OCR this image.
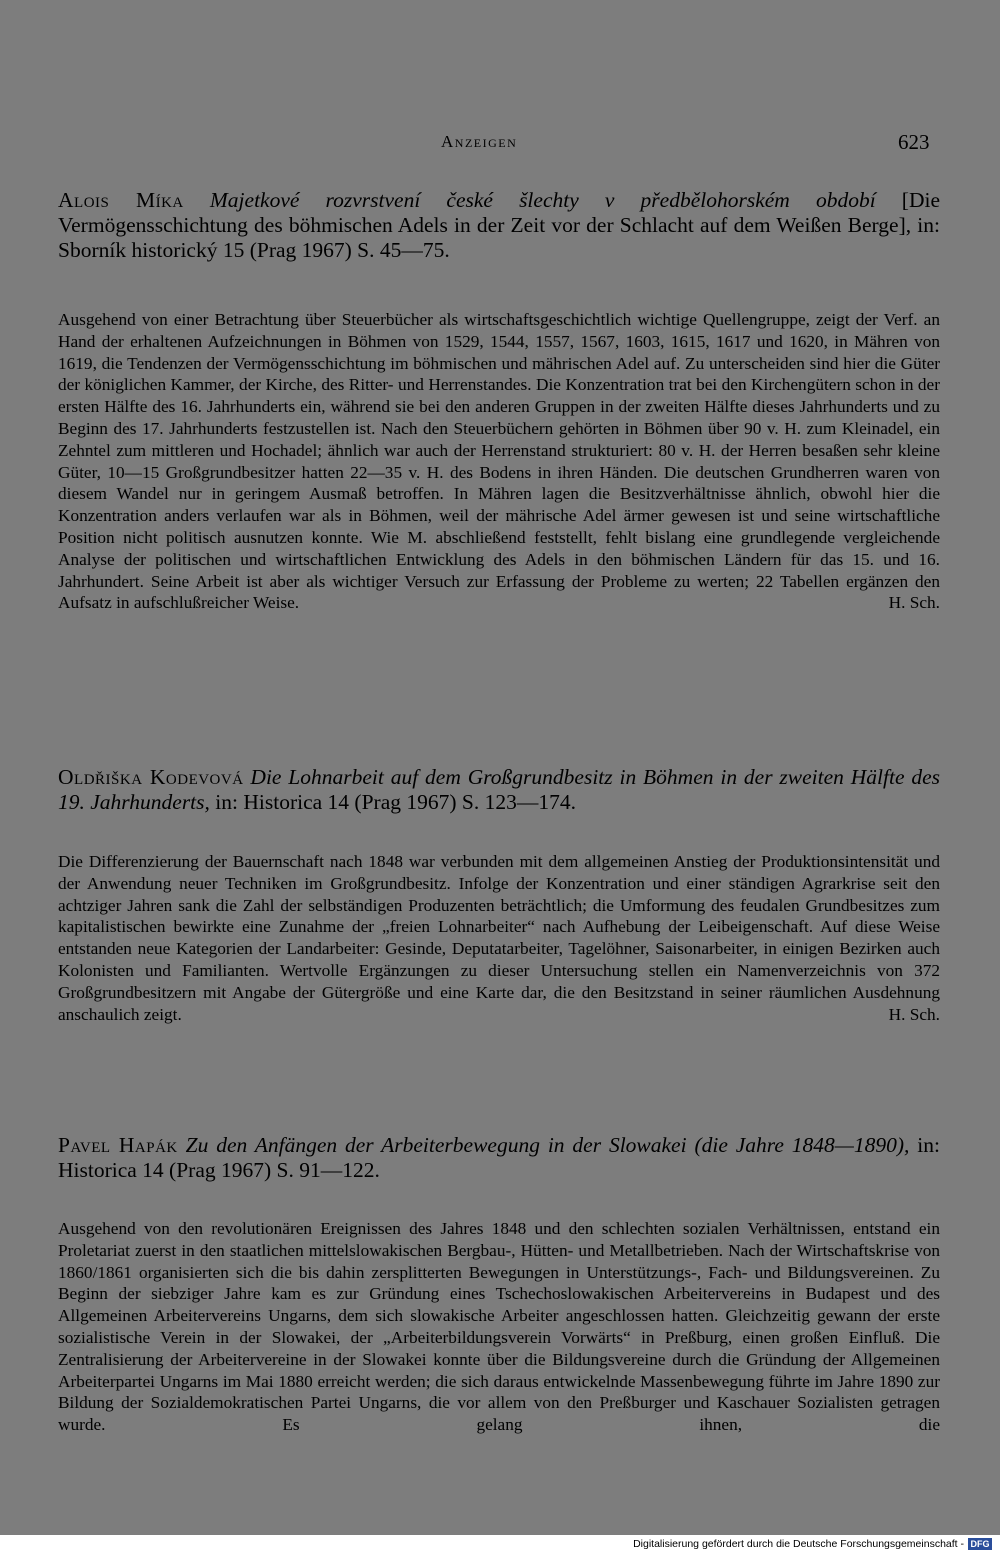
Anzeigen	623
Alois Míka Majetkové rozvrstvení české šlechty v předbělohorském období [Die Vermögensschichtung des böhmischen Adels in der Zeit vor der Schlacht auf dem Weißen Berge], in: Sborník historický 15 (Prag 1967) S. 45—75.

Ausgehend von einer Betrachtung über Steuerbücher als wirtschaftsgeschichtlich wichtige Quellengruppe, zeigt der Verf. an Hand der erhaltenen Aufzeichnungen in Böhmen von 1529, 1544, 1557, 1567, 1603, 1615, 1617 und 1620, in Mähren von 1619, die Tendenzen der Vermögensschichtung im böhmischen und mährischen Adel auf. Zu unterscheiden sind hier die Güter der königlichen Kammer, der Kirche, des Ritter- und Herrenstandes. Die Konzentration trat bei den Kirchengütern schon in der ersten Hälfte des 16. Jahrhunderts ein, während sie bei den anderen Gruppen in der zweiten Hälfte dieses Jahrhunderts und zu Beginn des 17. Jahrhunderts festzustellen ist. Nach den Steuerbüchern gehörten in Böhmen über 90 v. H. zum Kleinadel, ein Zehntel zum mittleren und Hochadel; ähnlich war auch der Herrenstand strukturiert: 80 v. H. der Herren besaßen sehr kleine Güter, 10—15 Großgrundbesitzer hatten 22—35 v. H. des Bodens in ihren Händen. Die deutschen Grundherren waren von diesem Wandel nur in geringem Ausmaß betroffen. In Mähren lagen die Besitzverhältnisse ähnlich, obwohl hier die Konzentration anders verlaufen war als in Böhmen, weil der mährische Adel ärmer gewesen ist und seine wirtschaftliche Position nicht politisch ausnutzen konnte. Wie M. abschließend feststellt, fehlt bislang eine grundlegende vergleichende Analyse der politischen und wirtschaftlichen Entwicklung des Adels in den böhmischen Ländern für das 15. und 16. Jahrhundert. Seine Arbeit ist aber als wichtiger Versuch zur Erfassung der Probleme zu werten; 22 Tabellen ergänzen den Aufsatz in aufschlußreicher Weise.	H. Sch.

Oldřiška Kodevová Die Lohnarbeit auf dem Großgrundbesitz in Böhmen in der zweiten Hälfte des 19. Jahrhunderts, in: Historica 14 (Prag 1967) S. 123—174.

Die Differenzierung der Bauernschaft nach 1848 war verbunden mit dem allgemeinen Anstieg der Produktionsintensität und der Anwendung neuer Techniken im Großgrundbesitz. Infolge der Konzentration und einer ständigen Agrarkrise seit den achtziger Jahren sank die Zahl der selbständigen Produzenten beträchtlich; die Umformung des feudalen Grundbesitzes zum kapitalistischen bewirkte eine Zunahme der „freien Lohnarbeiter“ nach Aufhebung der Leibeigenschaft. Auf diese Weise entstanden neue Kategorien der Landarbeiter: Gesinde, Deputatarbeiter, Tagelöhner, Saisonarbeiter, in einigen Bezirken auch Kolonisten und Familianten. Wertvolle Ergänzungen zu dieser Untersuchung stellen ein Namenverzeichnis von 372 Großgrundbesitzern mit Angabe der Gütergröße und eine Karte dar, die den Besitzstand in seiner räumlichen Ausdehnung anschaulich zeigt.	H. Sch.

Pavel Hapák Zu den Anfängen der Arbeiterbewegung in der Slowakei (die Jahre 1848—1890), in: Historica 14 (Prag 1967) S. 91—122.

Ausgehend von den revolutionären Ereignissen des Jahres 1848 und den schlechten sozialen Verhältnissen, entstand ein Proletariat zuerst in den staatlichen mittelslowakischen Bergbau-, Hütten- und Metallbetrieben. Nach der Wirtschaftskrise von 1860/1861 organisierten sich die bis dahin zersplitterten Bewegungen in Unterstützungs-, Fach- und Bildungsvereinen. Zu Beginn der siebziger Jahre kam es zur Gründung eines Tschechoslowakischen Arbeitervereins in Budapest und des Allgemeinen Arbeitervereins Ungarns, dem sich slowakische Arbeiter angeschlossen hatten. Gleichzeitig gewann der erste sozialistische Verein in der Slowakei, der „Arbeiterbildungsverein Vorwärts“ in Preßburg, einen großen Einfluß. Die Zentralisierung der Arbeitervereine in der Slowakei konnte über die Bildungsvereine durch die Gründung der Allgemeinen Arbeiterpartei Ungarns im Mai 1880 erreicht werden; die sich daraus entwickelnde Massenbewegung führte im Jahre 1890 zur Bildung der Sozialdemokratischen Partei Ungarns, die vor allem von den Preßburger und Kaschauer Sozialisten getragen wurde. Es gelang ihnen, die

Digitalisierung gefördert durch die Deutsche Forschungsgemeinschaft - DFG
